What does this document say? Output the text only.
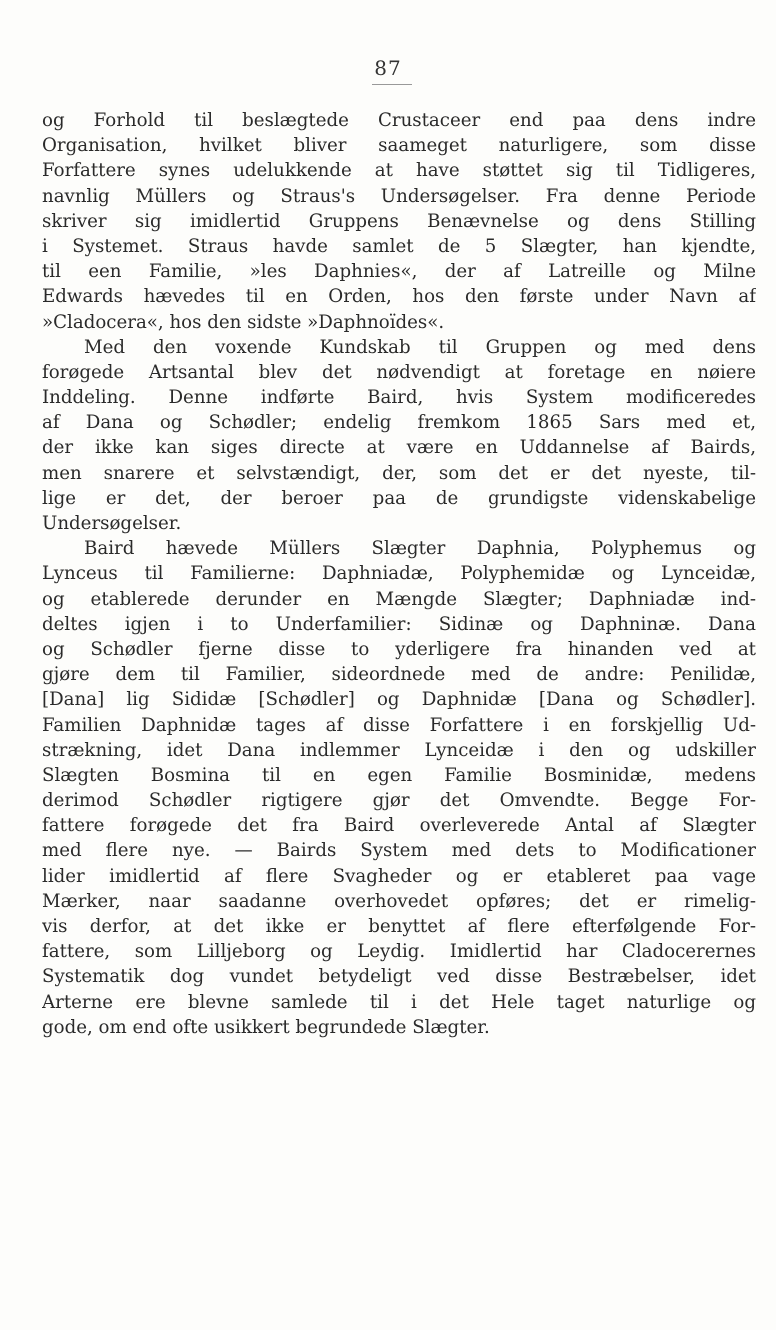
87
og Forhold til beslægtede Crustaceer end paa dens indre
Organisation, hvilket bliver saameget naturligere, som disse
Forfattere synes udelukkende at have støttet sig til Tidligeres,
navnlig Müllers og Straus's Undersøgelser. Fra denne Periode
skriver sig imidlertid Gruppens Benævnelse og dens Stilling
i Systemet. Straus havde samlet de 5 Slægter, han kjendte,
til een Familie, »les Daphnies«, der af Latreille og Milne
Edwards hævedes til en Orden, hos den første under Navn af
»Cladocera«, hos den sidste »Daphnoïdes«.
Med den voxende Kundskab til Gruppen og med dens
forøgede Artsantal blev det nødvendigt at foretage en nøiere
Inddeling. Denne indførte Baird, hvis System modificeredes
af Dana og Schødler; endelig fremkom 1865 Sars med et,
der ikke kan siges directe at være en Uddannelse af Bairds,
men snarere et selvstændigt, der, som det er det nyeste, til-
lige er det, der beroer paa de grundigste videnskabelige
Undersøgelser.
Baird hævede Müllers Slægter Daphnia, Polyphemus og
Lynceus til Familierne: Daphniadæ, Polyphemidæ og Lynceidæ,
og etablerede derunder en Mængde Slægter; Daphniadæ ind-
deltes igjen i to Underfamilier: Sidinæ og Daphninæ. Dana
og Schødler fjerne disse to yderligere fra hinanden ved at
gjøre dem til Familier, sideordnede med de andre: Penilidæ,
[Dana] lig Sididæ [Schødler] og Daphnidæ [Dana og Schødler].
Familien Daphnidæ tages af disse Forfattere i en forskjellig Ud-
strækning, idet Dana indlemmer Lynceidæ i den og udskiller
Slægten Bosmina til en egen Familie Bosminidæ, medens
derimod Schødler rigtigere gjør det Omvendte. Begge For-
fattere forøgede det fra Baird overleverede Antal af Slægter
med flere nye. — Bairds System med dets to Modificationer
lider imidlertid af flere Svagheder og er etableret paa vage
Mærker, naar saadanne overhovedet opføres; det er rimelig-
vis derfor, at det ikke er benyttet af flere efterfølgende For-
fattere, som Lilljeborg og Leydig. Imidlertid har Cladocerernes
Systematik dog vundet betydeligt ved disse Bestræbelser, idet
Arterne ere blevne samlede til i det Hele taget naturlige og
gode, om end ofte usikkert begrundede Slægter.
